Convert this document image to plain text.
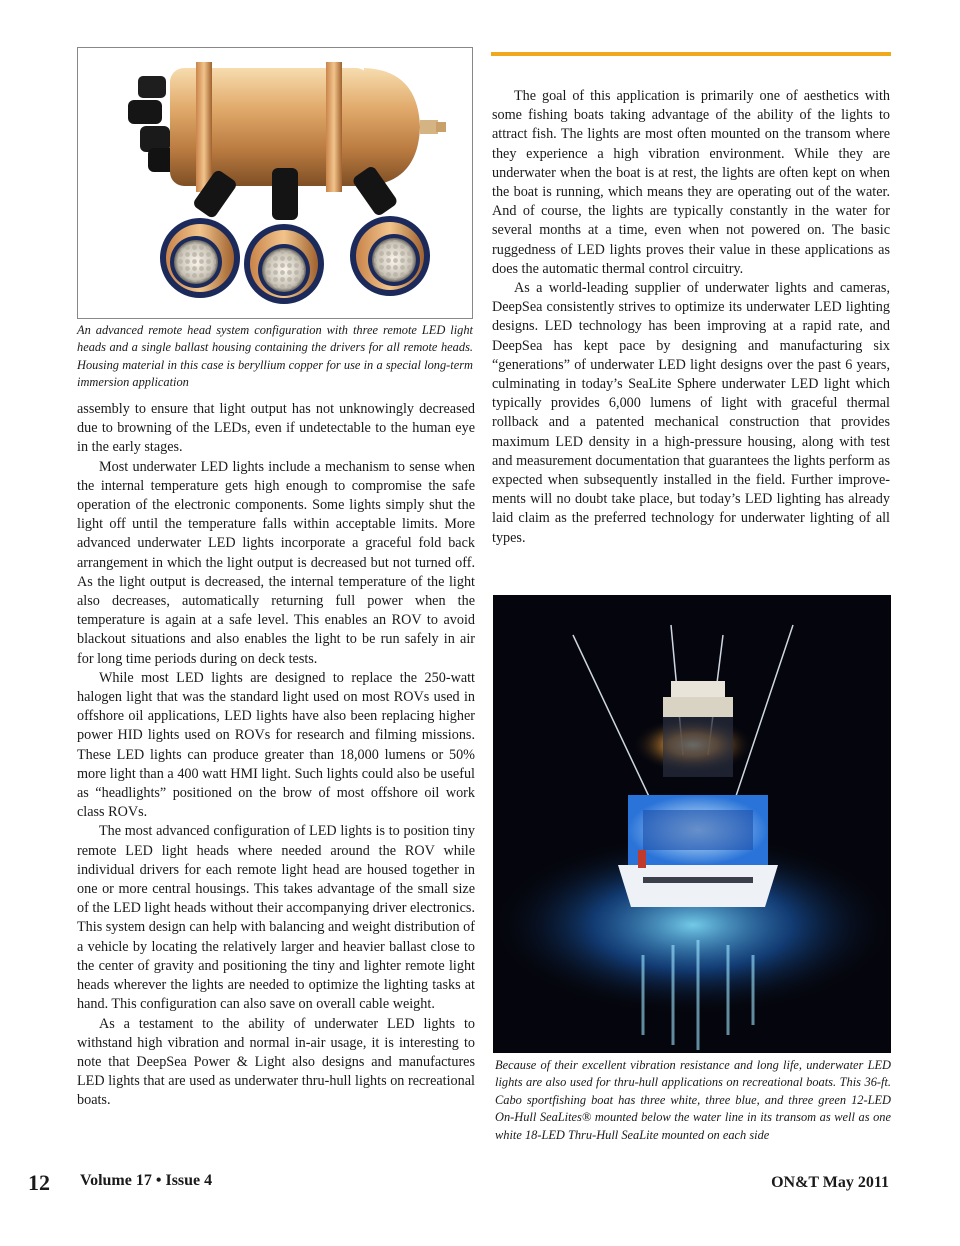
An advanced remote head system configuration with three remote LED light heads and a single ballast housing containing the drivers for all remote heads. Housing material in this case is beryllium copper for use in a special long-term immersion application

assembly to ensure that light output has not unknowingly decreased due to browning of the LEDs, even if undetectable to the human eye in the early stages.

Most underwater LED lights include a mechanism to sense when the internal temperature gets high enough to compromise the safe operation of the electronic components. Some lights simply shut the light off until the temperature falls within acceptable limits. More advanced underwater LED lights incorporate a graceful fold back arrangement in which the light output is decreased but not turned off. As the light output is decreased, the internal temperature of the light also decreases, automatically returning full power when the temperature is again at a safe level. This enables an ROV to avoid blackout situations and also enables the light to be run safely in air for long time periods during on deck tests.

While most LED lights are designed to replace the 250-watt halogen light that was the standard light used on most ROVs used in offshore oil applications, LED lights have also been replacing higher power HID lights used on ROVs for research and filming missions. These LED lights can produce greater than 18,000 lumens or 50% more light than a 400 watt HMI light. Such lights could also be useful as “headlights” positioned on the brow of most offshore oil work class ROVs.

The most advanced configuration of LED lights is to position tiny remote LED light heads where needed around the ROV while individual drivers for each remote light head are housed together in one or more central housings. This takes advantage of the small size of the LED light heads without their accompanying driver electronics. This system design can help with balancing and weight distribution of a vehicle by locating the relatively larger and heavier ballast close to the center of gravity and positioning the tiny and lighter remote light heads wherever the lights are needed to optimize the lighting tasks at hand. This configuration can also save on overall cable weight.

As a testament to the ability of underwater LED lights to withstand high vibration and normal in-air usage, it is interesting to note that DeepSea Power & Light also designs and manufactures LED lights that are used as underwater thru-hull lights on recreational boats.

The goal of this application is primarily one of aesthetics with some fishing boats taking advantage of the ability of the lights to attract fish. The lights are most often mounted on the transom where they experience a high vibration environment. While they are underwater when the boat is at rest, the lights are often kept on when the boat is running, which means they are operating out of the water. And of course, the lights are typically constantly in the water for several months at a time, even when not powered on. The basic ruggedness of LED lights proves their value in these applications as does the automatic thermal control circuitry.

As a world-leading supplier of underwater lights and cameras, DeepSea consistently strives to optimize its underwater LED lighting designs. LED technology has been improving at a rapid rate, and DeepSea has kept pace by designing and manufacturing six “generations” of underwater LED light designs over the past 6 years, culminating in today’s SeaLite Sphere underwater LED light which typically provides 6,000 lumens of light with graceful thermal rollback and a patented mechanical construction that provides maximum LED density in a high-pressure housing, along with test and measurement documentation that guarantees the lights perform as expected when subsequently installed in the field. Further improvements will no doubt take place, but today’s LED lighting has already laid claim as the preferred technology for underwater lighting of all types.

Because of their excellent vibration resistance and long life, underwater LED lights are also used for thru-hull applications on recreational boats. This 36-ft. Cabo sportfishing boat has three white, three blue, and three green 12-LED On-Hull SeaLites® mounted below the water line in its transom as well as one white 18-LED Thru-Hull SeaLite mounted on each side
12 Volume 17 • Issue 4	ON&T May 2011
